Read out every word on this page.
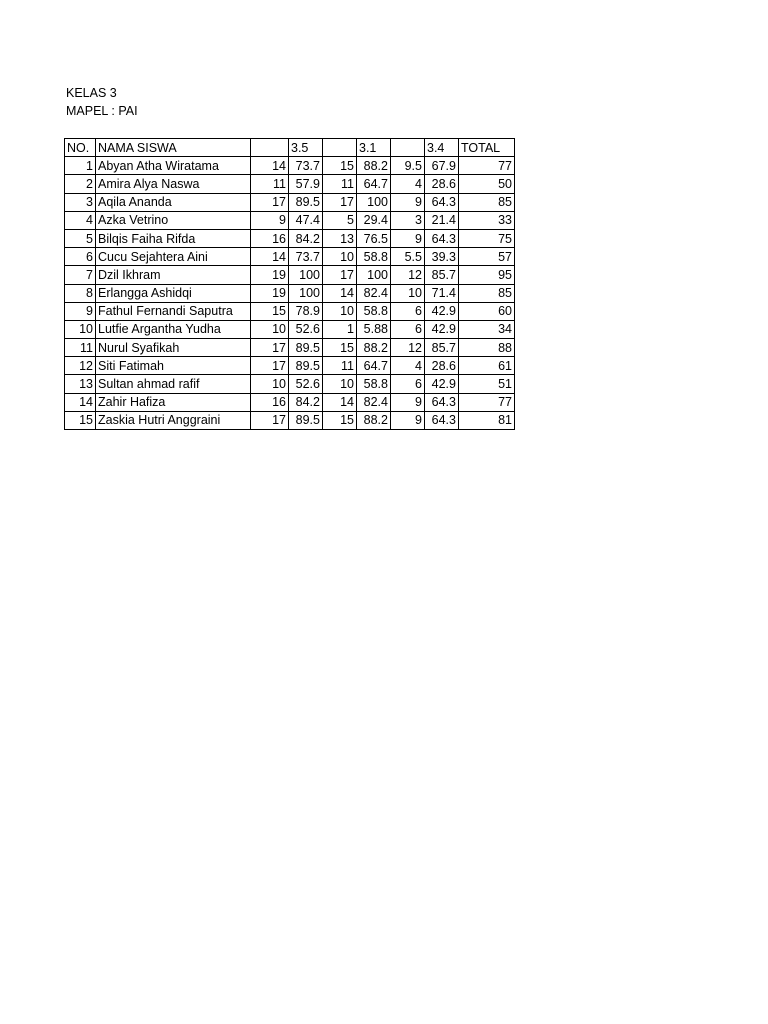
KELAS 3
MAPEL : PAI
NO.	NAMA SISWA		3.5		3.1		3.4	TOTAL
1	Abyan Atha Wiratama	14	73.7	15	88.2	9.5	67.9	77
2	Amira Alya Naswa	11	57.9	11	64.7	4	28.6	50
3	Aqila Ananda	17	89.5	17	100	9	64.3	85
4	Azka Vetrino	9	47.4	5	29.4	3	21.4	33
5	Bilqis Faiha Rifda	16	84.2	13	76.5	9	64.3	75
6	Cucu Sejahtera Aini	14	73.7	10	58.8	5.5	39.3	57
7	Dzil Ikhram	19	100	17	100	12	85.7	95
8	Erlangga Ashidqi	19	100	14	82.4	10	71.4	85
9	Fathul Fernandi Saputra	15	78.9	10	58.8	6	42.9	60
10	Lutfie Argantha Yudha	10	52.6	1	5.88	6	42.9	34
11	Nurul Syafikah	17	89.5	15	88.2	12	85.7	88
12	Siti Fatimah	17	89.5	11	64.7	4	28.6	61
13	Sultan ahmad rafif	10	52.6	10	58.8	6	42.9	51
14	Zahir Hafiza	16	84.2	14	82.4	9	64.3	77
15	Zaskia Hutri Anggraini	17	89.5	15	88.2	9	64.3	81
